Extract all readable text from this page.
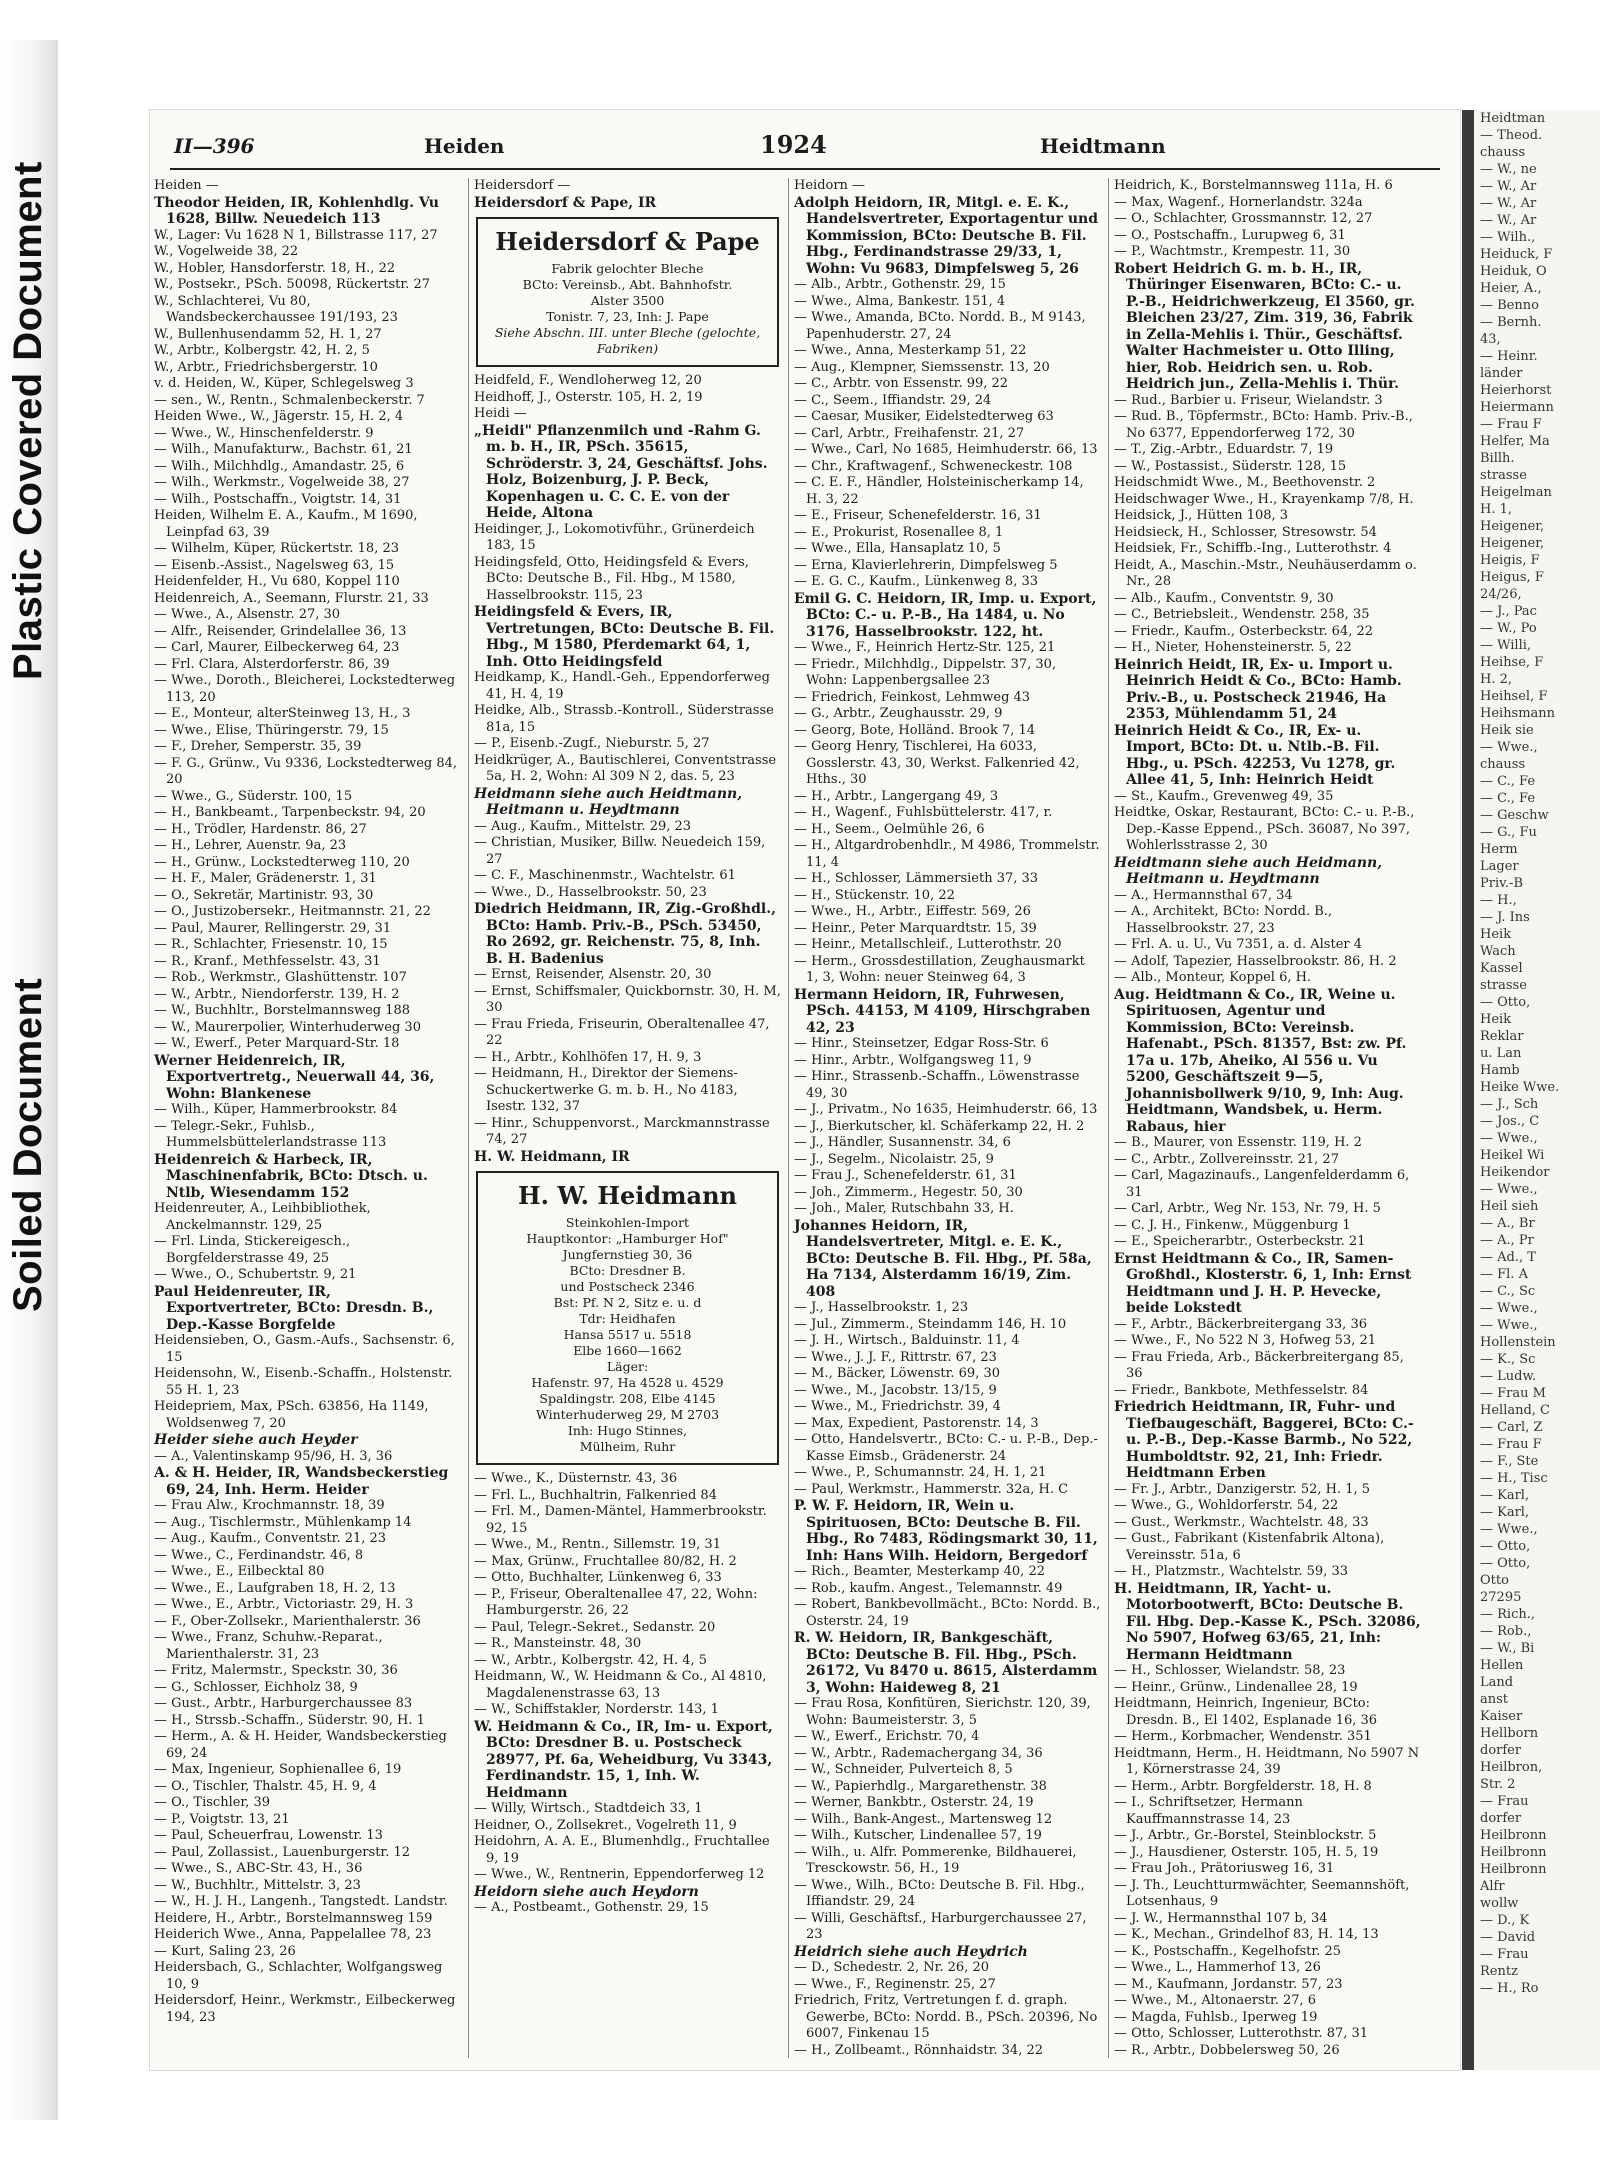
Plastic Covered Document
Soiled Document
II—396	Heiden	1924	Heidtmann

Heiden —

Theodor Heiden, IR, Kohlenhdlg. Vu 1628, Billw. Neuedeich 113

W., Lager: Vu 1628 N 1, Billstrasse 117, 27

W., Vogelweide 38, 22

W., Hobler, Hansdorferstr. 18, H., 22

W., Postsekr., PSch. 50098, Rückertstr. 27

W., Schlachterei, Vu 80, Wandsbeckerchaussee 191/193, 23

W., Bullenhusendamm 52, H. 1, 27

W., Arbtr., Kolbergstr. 42, H. 2, 5

W., Arbtr., Friedrichsbergerstr. 10

v. d. Heiden, W., Küper, Schlegelsweg 3

— sen., W., Rentn., Schmalenbeckerstr. 7

Heiden Wwe., W., Jägerstr. 15, H. 2, 4

— Wwe., W., Hinschenfelderstr. 9

— Wilh., Manufakturw., Bachstr. 61, 21

— Wilh., Milchhdlg., Amandastr. 25, 6

— Wilh., Werkmstr., Vogelweide 38, 27

— Wilh., Postschaffn., Voigtstr. 14, 31

Heiden, Wilhelm E. A., Kaufm., M 1690, Leinpfad 63, 39

— Wilhelm, Küper, Rückertstr. 18, 23

— Eisenb.-Assist., Nagelsweg 63, 15

Heidenfelder, H., Vu 680, Koppel 110

Heidenreich, A., Seemann, Flurstr. 21, 33

— Wwe., A., Alsenstr. 27, 30

— Alfr., Reisender, Grindelallee 36, 13

— Carl, Maurer, Eilbeckerweg 64, 23

— Frl. Clara, Alsterdorferstr. 86, 39

— Wwe., Doroth., Bleicherei, Lockstedterweg 113, 20

— E., Monteur, alterSteinweg 13, H., 3

— Wwe., Elise, Thüringerstr. 79, 15

— F., Dreher, Semperstr. 35, 39

— F. G., Grünw., Vu 9336, Lockstedterweg 84, 20

— Wwe., G., Süderstr. 100, 15

— H., Bankbeamt., Tarpenbeckstr. 94, 20

— H., Trödler, Hardenstr. 86, 27

— H., Lehrer, Auenstr. 9a, 23

— H., Grünw., Lockstedterweg 110, 20

— H. F., Maler, Grädenerstr. 1, 31

— O., Sekretär, Martinistr. 93, 30

— O., Justizobersekr., Heitmannstr. 21, 22

— Paul, Maurer, Rellingerstr. 29, 31

— R., Schlachter, Friesenstr. 10, 15

— R., Kranf., Methfesselstr. 43, 31

— Rob., Werkmstr., Glashüttenstr. 107

— W., Arbtr., Niendorferstr. 139, H. 2

— W., Buchhltr., Borstelmannsweg 188

— W., Maurerpolier, Winterhuderweg 30

— W., Ewerf., Peter Marquard-Str. 18

Werner Heidenreich, IR, Exportvertretg., Neuerwall 44, 36, Wohn: Blankenese

— Wilh., Küper, Hammerbrookstr. 84

— Telegr.-Sekr., Fuhlsb., Hummelsbüttelerlandstrasse 113

Heidenreich & Harbeck, IR, Maschinenfabrik, BCto: Dtsch. u. Ntlb, Wiesendamm 152

Heidenreuter, A., Leihbibliothek, Anckelmannstr. 129, 25

— Frl. Linda, Stickereigesch., Borgfelderstrasse 49, 25

— Wwe., O., Schubertstr. 9, 21

Paul Heidenreuter, IR, Exportvertreter, BCto: Dresdn. B., Dep.-Kasse Borgfelde

Heidensieben, O., Gasm.-Aufs., Sachsenstr. 6, 15

Heidensohn, W., Eisenb.-Schaffn., Holstenstr. 55 H. 1, 23

Heidepriem, Max, PSch. 63856, Ha 1149, Woldsenweg 7, 20

Heider siehe auch Heyder

— A., Valentinskamp 95/96, H. 3, 36

A. & H. Heider, IR, Wandsbeckerstieg 69, 24, Inh. Herm. Heider

— Frau Alw., Krochmannstr. 18, 39

— Aug., Tischlermstr., Mühlenkamp 14

— Aug., Kaufm., Conventstr. 21, 23

— Wwe., C., Ferdinandstr. 46, 8

— Wwe., E., Eilbecktal 80

— Wwe., E., Laufgraben 18, H. 2, 13

— Wwe., E., Arbtr., Victoriastr. 29, H. 3

— F., Ober-Zollsekr., Marienthalerstr. 36

— Wwe., Franz, Schuhw.-Reparat., Marienthalerstr. 31, 23

— Fritz, Malermstr., Speckstr. 30, 36

— G., Schlosser, Eichholz 38, 9

— Gust., Arbtr., Harburgerchaussee 83

— H., Strssb.-Schaffn., Süderstr. 90, H. 1

— Herm., A. & H. Heider, Wandsbeckerstieg 69, 24

— Max, Ingenieur, Sophienallee 6, 19

— O., Tischler, Thalstr. 45, H. 9, 4

— O., Tischler, 39

— P., Voigtstr. 13, 21

— Paul, Scheuerfrau, Lowenstr. 13

— Paul, Zollassist., Lauenburgerstr. 12

— Wwe., S., ABC-Str. 43, H., 36

— W., Buchhltr., Mittelstr. 3, 23

— W., H. J. H., Langenh., Tangstedt. Landstr.

Heidere, H., Arbtr., Borstelmannsweg 159

Heiderich Wwe., Anna, Pappelallee 78, 23

— Kurt, Saling 23, 26

Heidersbach, G., Schlachter, Wolfgangsweg 10, 9

Heidersdorf, Heinr., Werkmstr., Eilbeckerweg 194, 23

Heidersdorf —

Heidersdorf & Pape, IR

Heidersdorf & Pape
Fabrik gelochter Bleche
BCto: Vereinsb., Abt. Bahnhofstr.
Alster 3500
Tonistr. 7, 23, Inh: J. Pape
Siehe Abschn. III. unter Bleche (gelochte, Fabriken)

Heidfeld, F., Wendloherweg 12, 20

Heidhoff, J., Osterstr. 105, H. 2, 19

Heidi —

„Heidi" Pflanzenmilch und -Rahm G. m. b. H., IR, PSch. 35615, Schröderstr. 3, 24, Geschäftsf. Johs. Holz, Boizenburg, J. P. Beck, Kopenhagen u. C. C. E. von der Heide, Altona

Heidinger, J., Lokomotivführ., Grünerdeich 183, 15

Heidingsfeld, Otto, Heidingsfeld & Evers, BCto: Deutsche B., Fil. Hbg., M 1580, Hasselbrookstr. 115, 23

Heidingsfeld & Evers, IR, Vertretungen, BCto: Deutsche B. Fil. Hbg., M 1580, Pferdemarkt 64, 1, Inh. Otto Heidingsfeld

Heidkamp, K., Handl.-Geh., Eppendorferweg 41, H. 4, 19

Heidke, Alb., Strassb.-Kontroll., Süderstrasse 81a, 15

— P., Eisenb.-Zugf., Nieburstr. 5, 27

Heidkrüger, A., Bautischlerei, Conventstrasse 5a, H. 2, Wohn: Al 309 N 2, das. 5, 23

Heidmann siehe auch Heidtmann, Heitmann u. Heydtmann

— Aug., Kaufm., Mittelstr. 29, 23

— Christian, Musiker, Billw. Neuedeich 159, 27

— C. F., Maschinenmstr., Wachtelstr. 61

— Wwe., D., Hasselbrookstr. 50, 23

Diedrich Heidmann, IR, Zig.-Großhdl., BCto: Hamb. Priv.-B., PSch. 53450, Ro 2692, gr. Reichenstr. 75, 8, Inh. B. H. Badenius

— Ernst, Reisender, Alsenstr. 20, 30

— Ernst, Schiffsmaler, Quickbornstr. 30, H. M, 30

— Frau Frieda, Friseurin, Oberaltenallee 47, 22

— H., Arbtr., Kohlhöfen 17, H. 9, 3

— Heidmann, H., Direktor der Siemens-Schuckertwerke G. m. b. H., No 4183, Isestr. 132, 37

— Hinr., Schuppenvorst., Marckmannstrasse 74, 27

H. W. Heidmann, IR

H. W. Heidmann
Steinkohlen-Import
Hauptkontor: „Hamburger Hof"
Jungfernstieg 30, 36
BCto: Dresdner B.
und Postscheck 2346
Bst: Pf. N 2, Sitz e. u. d
Tdr: Heidhafen
Hansa 5517 u. 5518
Elbe 1660—1662
Läger:
Hafenstr. 97, Ha 4528 u. 4529
Spaldingstr. 208, Elbe 4145
Winterhuderweg 29, M 2703
Inh: Hugo Stinnes,
Mülheim, Ruhr

— Wwe., K., Düsternstr. 43, 36

— Frl. L., Buchhaltrin, Falkenried 84

— Frl. M., Damen-Mäntel, Hammerbrookstr. 92, 15

— Wwe., M., Rentn., Sillemstr. 19, 31

— Max, Grünw., Fruchtallee 80/82, H. 2

— Otto, Buchhalter, Lünkenweg 6, 33

— P., Friseur, Oberaltenallee 47, 22, Wohn: Hamburgerstr. 26, 22

— Paul, Telegr.-Sekret., Sedanstr. 20

— R., Mansteinstr. 48, 30

— W., Arbtr., Kolbergstr. 42, H. 4, 5

Heidmann, W., W. Heidmann & Co., Al 4810, Magdalenenstrasse 63, 13

— W., Schiffstakler, Norderstr. 143, 1

W. Heidmann & Co., IR, Im- u. Export, BCto: Dresdner B. u. Postscheck 28977, Pf. 6a, Weheidburg, Vu 3343, Ferdinandstr. 15, 1, Inh. W. Heidmann

— Willy, Wirtsch., Stadtdeich 33, 1

Heidner, O., Zollsekret., Vogelreth 11, 9

Heidohrn, A. A. E., Blumenhdlg., Fruchtallee 9, 19

— Wwe., W., Rentnerin, Eppendorferweg 12

Heidorn siehe auch Heydorn

— A., Postbeamt., Gothenstr. 29, 15

Heidorn —

Adolph Heidorn, IR, Mitgl. e. E. K., Handelsvertreter, Exportagentur und Kommission, BCto: Deutsche B. Fil. Hbg., Ferdinandstrasse 29/33, 1, Wohn: Vu 9683, Dimpfelsweg 5, 26

— Alb., Arbtr., Gothenstr. 29, 15

— Wwe., Alma, Bankestr. 151, 4

— Wwe., Amanda, BCto. Nordd. B., M 9143, Papenhuderstr. 27, 24

— Wwe., Anna, Mesterkamp 51, 22

— Aug., Klempner, Siemssenstr. 13, 20

— C., Arbtr. von Essenstr. 99, 22

— C., Seem., Iffiandstr. 29, 24

— Caesar, Musiker, Eidelstedterweg 63

— Carl, Arbtr., Freihafenstr. 21, 27

— Wwe., Carl, No 1685, Heimhuderstr. 66, 13

— Chr., Kraftwagenf., Schweneckestr. 108

— C. E. F., Händler, Holsteinischerkamp 14, H. 3, 22

— E., Friseur, Schenefelderstr. 16, 31

— E., Prokurist, Rosenallee 8, 1

— Wwe., Ella, Hansaplatz 10, 5

— Erna, Klavierlehrerin, Dimpfelsweg 5

— E. G. C., Kaufm., Lünkenweg 8, 33

Emil G. C. Heidorn, IR, Imp. u. Export, BCto: C.- u. P.-B., Ha 1484, u. No 3176, Hasselbrookstr. 122, ht.

— Wwe., F., Heinrich Hertz-Str. 125, 21

— Friedr., Milchhdlg., Dippelstr. 37, 30, Wohn: Lappenbergsallee 23

— Friedrich, Feinkost, Lehmweg 43

— G., Arbtr., Zeughausstr. 29, 9

— Georg, Bote, Holländ. Brook 7, 14

— Georg Henry, Tischlerei, Ha 6033, Gosslerstr. 43, 30, Werkst. Falkenried 42, Hths., 30

— H., Arbtr., Langergang 49, 3

— H., Wagenf., Fuhlsbüttelerstr. 417, r.

— H., Seem., Oelmühle 26, 6

— H., Altgardrobenhdlr., M 4986, Trommelstr. 11, 4

— H., Schlosser, Lämmersieth 37, 33

— H., Stückenstr. 10, 22

— Wwe., H., Arbtr., Eiffestr. 569, 26

— Heinr., Peter Marquardtstr. 15, 39

— Heinr., Metallschleif., Lutterothstr. 20

— Herm., Grossdestillation, Zeughausmarkt 1, 3, Wohn: neuer Steinweg 64, 3

Hermann Heidorn, IR, Fuhrwesen, PSch. 44153, M 4109, Hirschgraben 42, 23

— Hinr., Steinsetzer, Edgar Ross-Str. 6

— Hinr., Arbtr., Wolfgangsweg 11, 9

— Hinr., Strassenb.-Schaffn., Löwenstrasse 49, 30

— J., Privatm., No 1635, Heimhuderstr. 66, 13

— J., Bierkutscher, kl. Schäferkamp 22, H. 2

— J., Händler, Susannenstr. 34, 6

— J., Segelm., Nicolaistr. 25, 9

— Frau J., Schenefelderstr. 61, 31

— Joh., Zimmerm., Hegestr. 50, 30

— Joh., Maler, Rutschbahn 33, H.

Johannes Heidorn, IR, Handelsvertreter, Mitgl. e. E. K., BCto: Deutsche B. Fil. Hbg., Pf. 58a, Ha 7134, Alsterdamm 16/19, Zim. 408

— J., Hasselbrookstr. 1, 23

— Jul., Zimmerm., Steindamm 146, H. 10

— J. H., Wirtsch., Balduinstr. 11, 4

— Wwe., J. J. F., Rittrstr. 67, 23

— M., Bäcker, Löwenstr. 69, 30

— Wwe., M., Jacobstr. 13/15, 9

— Wwe., M., Friedrichstr. 39, 4

— Max, Expedient, Pastorenstr. 14, 3

— Otto, Handelsvertr., BCto: C.- u. P.-B., Dep.-Kasse Eimsb., Grädenerstr. 24

— Wwe., P., Schumannstr. 24, H. 1, 21

— Paul, Werkmstr., Hammerstr. 32a, H. C

P. W. F. Heidorn, IR, Wein u. Spirituosen, BCto: Deutsche B. Fil. Hbg., Ro 7483, Rödingsmarkt 30, 11, Inh: Hans Wilh. Heidorn, Bergedorf

— Rich., Beamter, Mesterkamp 40, 22

— Rob., kaufm. Angest., Telemannstr. 49

— Robert, Bankbevollmächt., BCto: Nordd. B., Osterstr. 24, 19

R. W. Heidorn, IR, Bankgeschäft, BCto: Deutsche B. Fil. Hbg., PSch. 26172, Vu 8470 u. 8615, Alsterdamm 3, Wohn: Haideweg 8, 21

— Frau Rosa, Konfitüren, Sierichstr. 120, 39, Wohn: Baumeisterstr. 3, 5

— W., Ewerf., Erichstr. 70, 4

— W., Arbtr., Rademachergang 34, 36

— W., Schneider, Pulverteich 8, 5

— W., Papierhdlg., Margarethenstr. 38

— Werner, Bankbtr., Osterstr. 24, 19

— Wilh., Bank-Angest., Martensweg 12

— Wilh., Kutscher, Lindenallee 57, 19

— Wilh., u. Alfr. Pommerenke, Bildhauerei, Tresckowstr. 56, H., 19

— Wwe., Wilh., BCto: Deutsche B. Fil. Hbg., Iffiandstr. 29, 24

— Willi, Geschäftsf., Harburgerchaussee 27, 23

Heidrich siehe auch Heydrich

— D., Schedestr. 2, Nr. 26, 20

— Wwe., F., Reginenstr. 25, 27

Friedrich, Fritz, Vertretungen f. d. graph. Gewerbe, BCto: Nordd. B., PSch. 20396, No 6007, Finkenau 15

— H., Zollbeamt., Rönnhaidstr. 34, 22

Heidrich, K., Borstelmannsweg 111a, H. 6

— Max, Wagenf., Hornerlandstr. 324a

— O., Schlachter, Grossmannstr. 12, 27

— O., Postschaffn., Lurupweg 6, 31

— P., Wachtmstr., Krempestr. 11, 30

Robert Heidrich G. m. b. H., IR, Thüringer Eisenwaren, BCto: C.- u. P.-B., Heidrichwerkzeug, El 3560, gr. Bleichen 23/27, Zim. 319, 36, Fabrik in Zella-Mehlis i. Thür., Geschäftsf. Walter Hachmeister u. Otto Illing, hier, Rob. Heidrich sen. u. Rob. Heidrich jun., Zella-Mehlis i. Thür.

— Rud., Barbier u. Friseur, Wielandstr. 3

— Rud. B., Töpfermstr., BCto: Hamb. Priv.-B., No 6377, Eppendorferweg 172, 30

— T., Zig.-Arbtr., Eduardstr. 7, 19

— W., Postassist., Süderstr. 128, 15

Heidschmidt Wwe., M., Beethovenstr. 2

Heidschwager Wwe., H., Krayenkamp 7/8, H.

Heidsick, J., Hütten 108, 3

Heidsieck, H., Schlosser, Stresowstr. 54

Heidsiek, Fr., Schiffb.-Ing., Lutterothstr. 4

Heidt, A., Maschin.-Mstr., Neuhäuserdamm o. Nr., 28

— Alb., Kaufm., Conventstr. 9, 30

— C., Betriebsleit., Wendenstr. 258, 35

— Friedr., Kaufm., Osterbeckstr. 64, 22

— H., Nieter, Hohensteinerstr. 5, 22

Heinrich Heidt, IR, Ex- u. Import u. Heinrich Heidt & Co., BCto: Hamb. Priv.-B., u. Postscheck 21946, Ha 2353, Mühlendamm 51, 24

Heinrich Heidt & Co., IR, Ex- u. Import, BCto: Dt. u. Ntlb.-B. Fil. Hbg., u. PSch. 42253, Vu 1278, gr. Allee 41, 5, Inh: Heinrich Heidt

— St., Kaufm., Grevenweg 49, 35

Heidtke, Oskar, Restaurant, BCto: C.- u. P.-B., Dep.-Kasse Eppend., PSch. 36087, No 397, Wohlerlsstrasse 2, 30

Heidtmann siehe auch Heidmann, Heitmann u. Heydtmann

— A., Hermannsthal 67, 34

— A., Architekt, BCto: Nordd. B., Hasselbrookstr. 27, 23

— Frl. A. u. U., Vu 7351, a. d. Alster 4

— Adolf, Tapezier, Hasselbrookstr. 86, H. 2

— Alb., Monteur, Koppel 6, H.

Aug. Heidtmann & Co., IR, Weine u. Spirituosen, Agentur und Kommission, BCto: Vereinsb. Hafenabt., PSch. 81357, Bst: zw. Pf. 17a u. 17b, Aheiko, Al 556 u. Vu 5200, Geschäftszeit 9—5, Johannisbollwerk 9/10, 9, Inh: Aug. Heidtmann, Wandsbek, u. Herm. Rabaus, hier

— B., Maurer, von Essenstr. 119, H. 2

— C., Arbtr., Zollvereinsstr. 21, 27

— Carl, Magazinaufs., Langenfelderdamm 6, 31

— Carl, Arbtr., Weg Nr. 153, Nr. 79, H. 5

— C. J. H., Finkenw., Müggenburg 1

— E., Speicherarbtr., Osterbeckstr. 21

Ernst Heidtmann & Co., IR, Samen-Großhdl., Klosterstr. 6, 1, Inh: Ernst Heidtmann und J. H. P. Hevecke, beide Lokstedt

— F., Arbtr., Bäckerbreitergang 33, 36

— Wwe., F., No 522 N 3, Hofweg 53, 21

— Frau Frieda, Arb., Bäckerbreitergang 85, 36

— Friedr., Bankbote, Methfesselstr. 84

Friedrich Heidtmann, IR, Fuhr- und Tiefbaugeschäft, Baggerei, BCto: C.- u. P.-B., Dep.-Kasse Barmb., No 522, Humboldtstr. 92, 21, Inh: Friedr. Heidtmann Erben

— Fr. J., Arbtr., Danzigerstr. 52, H. 1, 5

— Wwe., G., Wohldorferstr. 54, 22

— Gust., Werkmstr., Wachtelstr. 48, 33

— Gust., Fabrikant (Kistenfabrik Altona), Vereinsstr. 51a, 6

— H., Platzmstr., Wachtelstr. 59, 33

H. Heidtmann, IR, Yacht- u. Motorbootwerft, BCto: Deutsche B. Fil. Hbg. Dep.-Kasse K., PSch. 32086, No 5907, Hofweg 63/65, 21, Inh: Hermann Heidtmann

— H., Schlosser, Wielandstr. 58, 23

— Heinr., Grünw., Lindenallee 28, 19

Heidtmann, Heinrich, Ingenieur, BCto: Dresdn. B., El 1402, Esplanade 16, 36

— Herm., Korbmacher, Wendenstr. 351

Heidtmann, Herm., H. Heidtmann, No 5907 N 1, Körnerstrasse 24, 39

— Herm., Arbtr. Borgfelderstr. 18, H. 8

— I., Schriftsetzer, Hermann Kauffmannstrasse 14, 23

— J., Arbtr., Gr.-Borstel, Steinblockstr. 5

— J., Hausdiener, Osterstr. 105, H. 5, 19

— Frau Joh., Prätoriusweg 16, 31

— J. Th., Leuchtturmwächter, Seemannshöft, Lotsenhaus, 9

— J. W., Hermannsthal 107 b, 34

— K., Mechan., Grindelhof 83, H. 14, 13

— K., Postschaffn., Kegelhofstr. 25

— Wwe., L., Hammerhof 13, 26

— M., Kaufmann, Jordanstr. 57, 23

— Wwe., M., Altonaerstr. 27, 6

— Magda, Fuhlsb., Iperweg 19

— Otto, Schlosser, Lutterothstr. 87, 31

— R., Arbtr., Dobbelersweg 50, 26

Heidtman
— Theod.
chauss
— W., ne
— W., Ar
— W., Ar
— W., Ar
— Wilh.,
Heiduck, F
Heiduk, O
Heier, A.,
— Benno
— Bernh.
43,
— Heinr.
länder
Heierhorst
Heiermann
— Frau F
Helfer, Ma
Billh.
strasse
Heigelman
H. 1,
Heigener,
Heigener,
Heigis, F
Heigus, F
24/26,
— J., Pac
— W., Po
— Willi,
Heihse, F
H. 2,
Heihsel, F
Heihsmann
Heik sie
— Wwe.,
chauss
— C., Fe
— C., Fe
— Geschw
— G., Fu
Herm
Lager
Priv.-B
— H.,
— J. Ins
Heik
Wach
Kassel
strasse
— Otto,
Heik
Reklar
u. Lan
Hamb
Heike Wwe.
— J., Sch
— Jos., C
— Wwe.,
Heikel Wi
Heikendor
— Wwe.,
Heil sieh
— A., Br
— A., Pr
— Ad., T
— Fl. A
— C., Sc
— Wwe.,
— Wwe.,
Hollenstein
— K., Sc
— Ludw.
— Frau M
Helland, C
— Carl, Z
— Frau F
— F., Ste
— H., Tisc
— Karl,
— Karl,
— Wwe.,
— Otto,
— Otto,
Otto
27295
— Rich.,
— Rob.,
— W., Bi
Hellen
Land
anst
Kaiser
Hellborn
dorfer
Heilbron,
Str. 2
— Frau
dorfer
Heilbronn
Heilbronn
Heilbronn
Alfr
wollw
— D., K
— David
— Frau
Rentz
— H., Ro
